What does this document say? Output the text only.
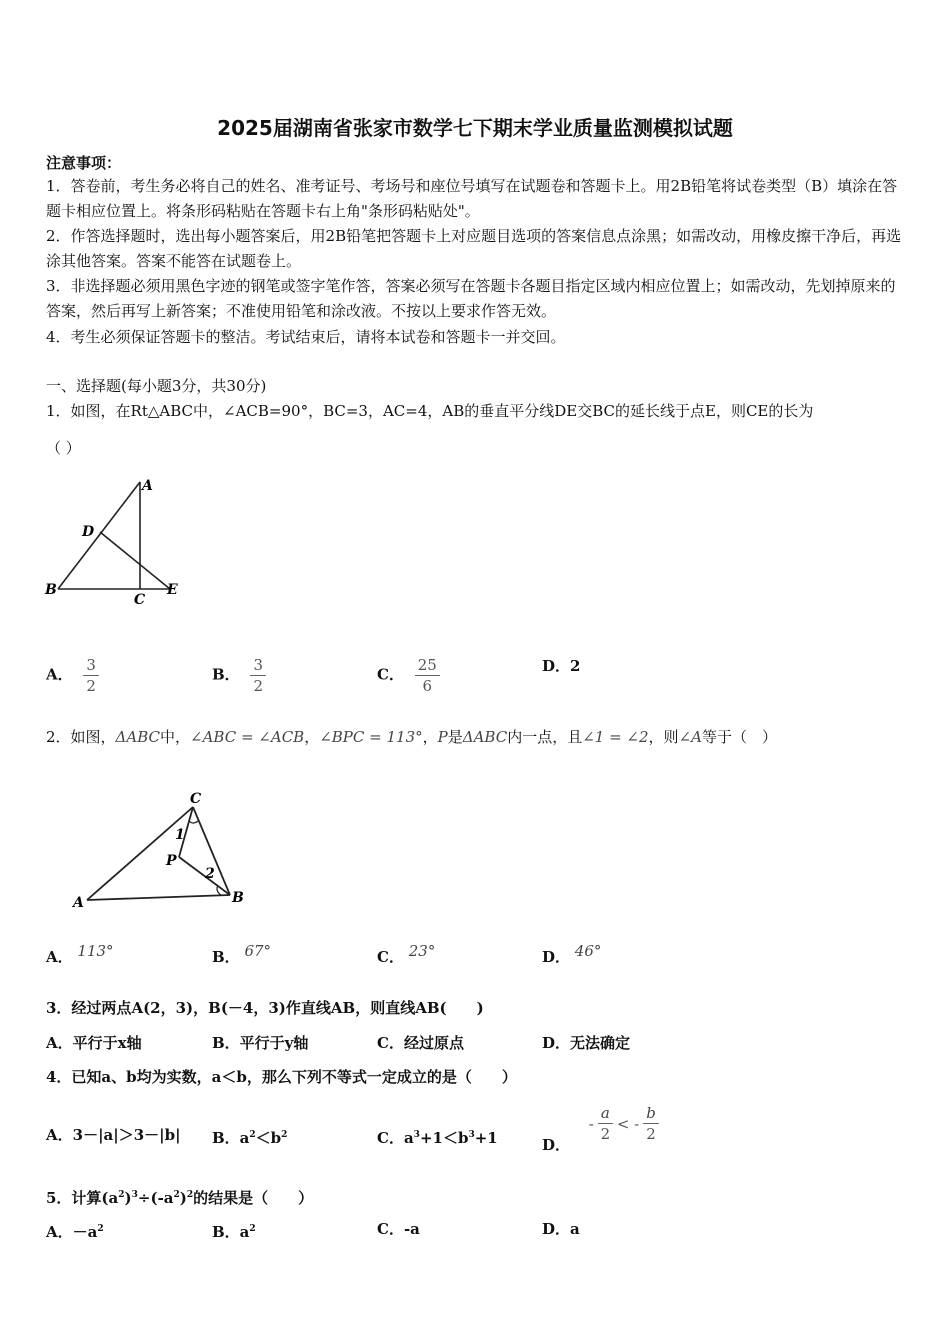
2025届湖南省张家市数学七下期末学业质量监测模拟试题
注意事项：
1．答卷前，考生务必将自己的姓名、准考证号、考场号和座位号填写在试题卷和答题卡上。用2B铅笔将试卷类型（B）填涂在答题卡相应位置上。将条形码粘贴在答题卡右上角"条形码粘贴处"。
2．作答选择题时，选出每小题答案后，用2B铅笔把答题卡上对应题目选项的答案信息点涂黑；如需改动，用橡皮擦干净后，再选涂其他答案。答案不能答在试题卷上。
3．非选择题必须用黑色字迹的钢笔或签字笔作答，答案必须写在答题卡各题目指定区域内相应位置上；如需改动，先划掉原来的答案，然后再写上新答案；不准使用铅笔和涂改液。不按以上要求作答无效。
4．考生必须保证答题卡的整洁。考试结束后，请将本试卷和答题卡一并交回。
一、选择题(每小题3分，共30分)
1．如图，在Rt△ABC中，∠ACB=90°，BC=3，AC=4，AB的垂直平分线DE交BC的延长线于点E，则CE的长为
（ ）
A
D
B
C
E
A． $\frac{3}{2}$	B． $\frac{3}{2}$	C． $\frac{25}{6}$	D．2
2．如图，ΔABC中，∠ABC = ∠ACB，∠BPC = 113°，P是ΔABC内一点，且∠1 = ∠2，则∠A等于（　）
C
A	B
P
1
2
A． 113°	B． 67°	C． 23°	D． 46°
3．经过两点A(2，3)，B(－4，3)作直线AB，则直线AB(　　)
A．平行于x轴	B．平行于y轴	C．经过原点	D．无法确定
4．已知a、b均为实数，a＜b，那么下列不等式一定成立的是（　　）
A．3－|a|＞3－|b| B．$a^2<b^2$	C．$a^3+1<b^3+1$	D．
- $\frac{a}{2}$ < - $\frac{b}{2}$
5．计算$(a^2)^3\div(-a^2)^2$的结果是（　　）
A．$-a^2$	B．$a^2$	C．-a	D．a
